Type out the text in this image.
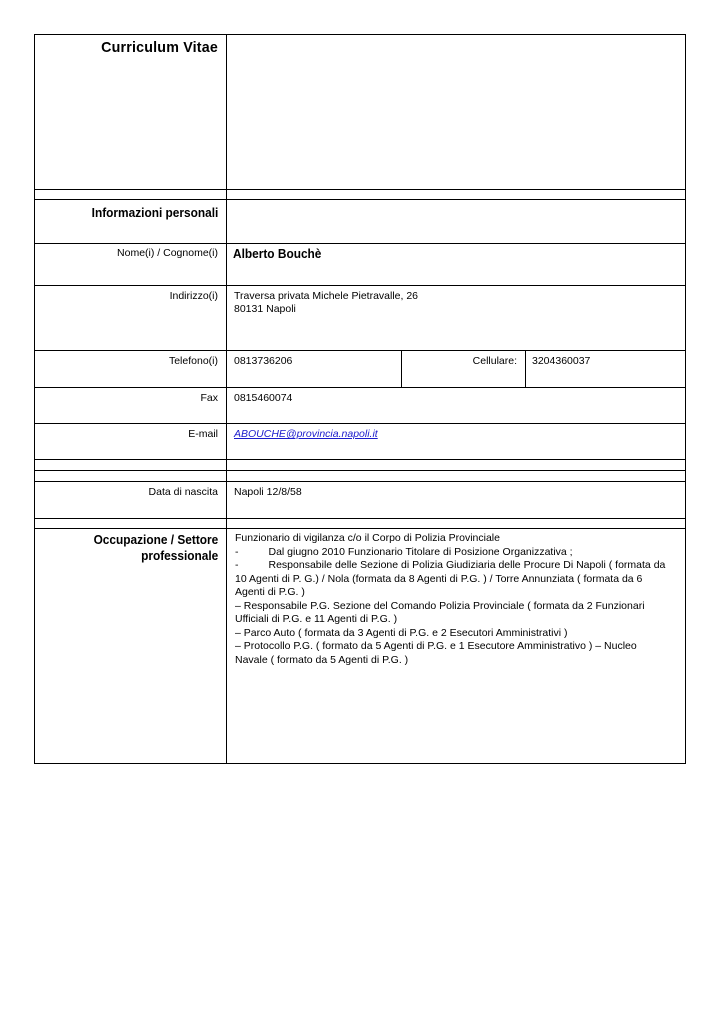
Curriculum Vitae
Informazioni personali
Nome(i) / Cognome(i) Alberto Bouchè
Indirizzo(i) Traversa privata Michele Pietravalle, 26
80131 Napoli
Telefono(i) 0813736206	Cellulare: 3204360037
Fax 0815460074
E-mail ABOUCHE@provincia.napoli.it
Data di nascita Napoli 12/8/58
Occupazione / Settore
professionale

Funzionario di vigilanza c/o il Corpo di Polizia Provinciale

-	Dal giugno 2010 Funzionario Titolare di Posizione Organizzativa ;

-	Responsabile delle Sezione di Polizia Giudiziaria delle Procure Di Napoli ( formata da 10 Agenti di P. G.) / Nola (formata da 8 Agenti di P.G. ) / Torre Annunziata ( formata da 6 Agenti di P.G. )

– Responsabile P.G. Sezione del Comando Polizia Provinciale ( formata da 2 Funzionari Ufficiali di P.G. e 11 Agenti di P.G. )

– Parco Auto ( formata da 3 Agenti di P.G. e 2 Esecutori Amministrativi )

– Protocollo P.G. ( formato da 5 Agenti di P.G. e 1 Esecutore Amministrativo ) – Nucleo Navale ( formato da 5 Agenti di P.G. )
